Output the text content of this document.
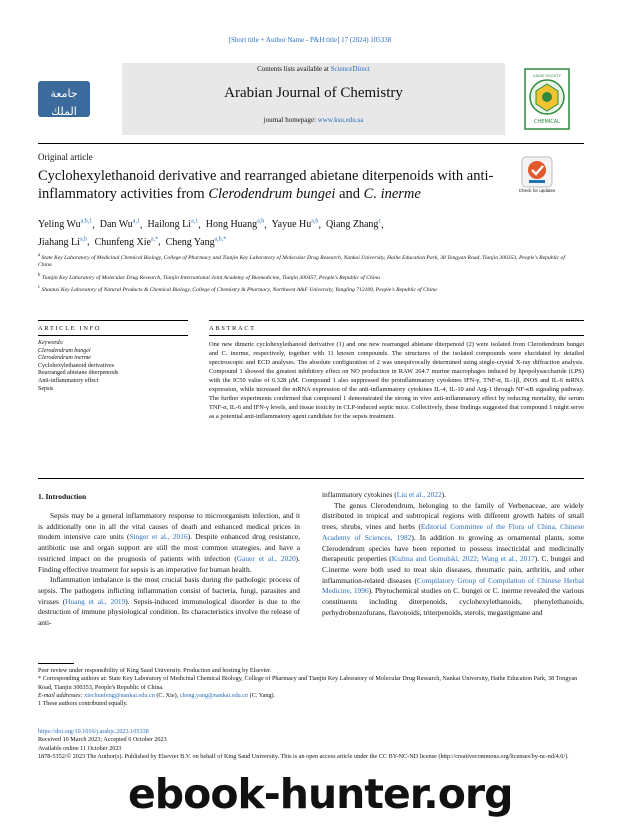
[Short title + Author Name - P&H title] 17 (2024) 105338
جامعة الملك سعود
King Saud University
Contents lists available at ScienceDirect
Arabian Journal of Chemistry
journal homepage: www.ksu.edu.sa	CHEMICAL
SAUDI SOCIETY
Original article
Cyclohexylethanoid derivative and rearranged abietane diterpenoids with anti-inflammatory activities from Clerodendrum bungei and C. inerme	Check for updates
Yeling Wu$^{a,b,1}$,  Dan Wu$^{a,1}$,  Hailong Li$^{a,1}$,  Hong Huang$^{a,b}$,  Yayue Hu$^{a,b}$,  Qiang Zhang$^c$,
Jiahang Li$^{a,b}$,  Chunfeng Xie$^{a,*}$,  Cheng Yang$^{a,b,*}$

$^a$ State Key Laboratory of Medicinal Chemical Biology, College of Pharmacy and Tianjin Key Laboratory of Molecular Drug Research, Nankai University, Haihe Education Park, 38 Tongyan Road, Tianjin 300353, People's Republic of China

$^b$ Tianjin Key Laboratory of Molecular Drug Research, Tianjin International Joint Academy of Biomedicine, Tianjin 300457, People's Republic of China

$^c$ Shaanxi Key Laboratory of Natural Products & Chemical Biology, College of Chemistry & Pharmacy, Northwest A&F University, Yangling 712100, People's Republic of China

ARTICLE INFO	ABSTRACT
Keywords:
Clerodendrum bungei
Clerodendrum inerme
Cyclohexylethanoid derivatives
Rearranged abietane diterpenoids
Anti-inflammatory effect
Sepsis
One new dimeric cyclohexylethanoid derivative (1) and one new rearranged abietane diterpenoid (2) were isolated from Clerodendrum bungei and C. inerme, respectively, together with 11 known compounds. The structures of the isolated compounds were elucidated by detailed spectroscopic and ECD analyses. The absolute configuration of 2 was unequivocally determined using single-crystal X-ray diffraction analysis. Compound 1 showed the greatest inhibitory effect on NO production in RAW 264.7 murine macrophages induced by lipopolysaccharide (LPS) with the IC50 value of 6.328 μM. Compound 1 also suppressed the proinflammatory cytokines IFN-γ, TNF-α, IL-1β, iNOS and IL-6 mRNA expression, while increased the mRNA expression of the anti-inflammatory cytokines IL-4, IL-10 and Arg-1 through NF-κB signaling pathway. The further experiments confirmed that compound 1 demonstrated the strong in vivo anti-inflammatory effect by reducing mortality, the serum TNF-α, IL-6 and IFN-γ levels, and tissue toxicity in CLP-induced septic mice. Collectively, these findings suggested that compound 1 might serve as a potential anti-inflammatory agent candidate for the sepsis treatment.
1. Introduction

Sepsis may be a general inflammatory response to microorganism infection, and it is additionally one in all the vital causes of death and enhanced medical prices in modern intensive care units (Singer et al., 2016). Despite enhanced drug resistance, antibiotic use and organ support are still the most common strategies, and have a restricted impact on the prognosis of patients with infection (Gauer et al., 2020). Finding effective treatment for sepsis is an imperative for human health.

Inflammation imbalance is the most crucial basis during the pathologic process of sepsis. The pathogens inflicting inflammation consist of bacteria, fungi, parasites and viruses (Huang et al., 2019). Sepsis-induced immunological disorder is due to the destruction of immune physiological condition. Its characteristics involve the release of anti-

inflammatory cytokines (Liu et al., 2022).

The genus Clerodendrum, belonging to the family of Verbenaceae, are widely distributed in tropical and subtropical regions with different growth habits of small trees, shrubs, vines and herbs (Editorial Committee of the Flora of China, Chinese Academy of Sciences, 1982). In addition to growing as ornamental plants, some Clerodendrum species have been reported to possess insecticidal and medicinally therapeutic properties (Kuźma and Gomulski, 2022; Wang et al., 2017). C. bungei and C.inerme were both used to treat skin diseases, rheumatic pain, arthritis, and other inflammation-related diseases (Compilatory Group of Compilation of Chinese Herbal Medicine, 1996). Phytochemical studies on C. bungei or C. inerme revealed the various constituents including diterpenoids, cyclohexylethanoids, phenylethanoids, perhydrobenzofurans, flavonoids, triterpenoids, sterols, megastigmane and

Peer review under responsibility of King Saud University. Production and hosting by Elsevier.

* Corresponding authors at: State Key Laboratory of Medicinal Chemical Biology, College of Pharmacy and Tianjin Key Laboratory of Molecular Drug Research, Nankai University, Haihe Education Park, 38 Tongyan Road, Tianjin 300353, People's Republic of China.

E-mail addresses: xiechunfeng@nankai.edu.cn (C. Xie), cheng.yang@nankai.edu.cn (C. Yang).

1 These authors contributed equally.

https://doi.org/10.1016/j.arabjc.2023.105338

Received 10 March 2023; Accepted 6 October 2023

Available online 11 October 2023

1878-5352/© 2023 The Author(s). Published by Elsevier B.V. on behalf of King Saud University. This is an open access article under the CC BY-NC-ND license (http://creativecommons.org/licenses/by-nc-nd/4.0/).

ebook-hunter.org
